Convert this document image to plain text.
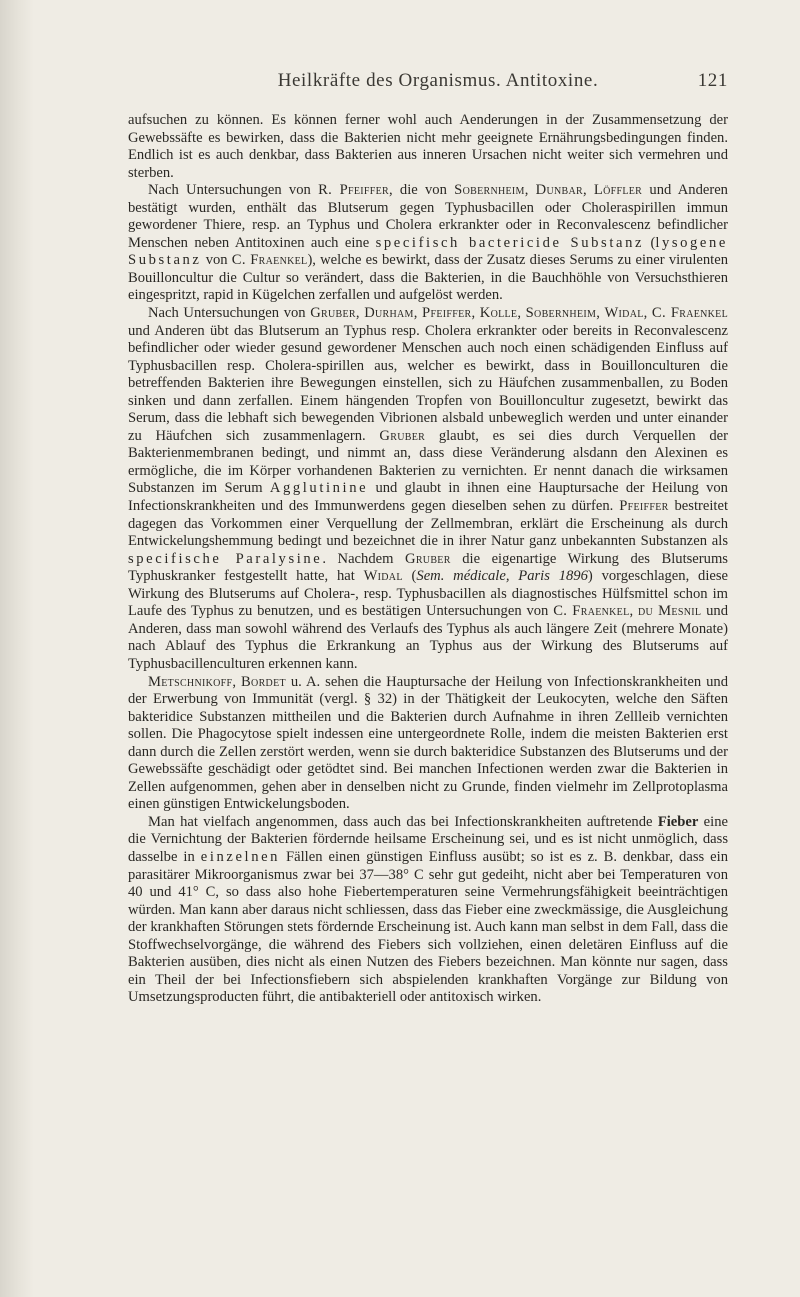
Heilkräfte des Organismus. Antitoxine.	121

aufsuchen zu können. Es können ferner wohl auch Aenderungen in der Zusammensetzung der Gewebssäfte es bewirken, dass die Bakterien nicht mehr geeignete Ernährungsbedingungen finden. Endlich ist es auch denkbar, dass Bakterien aus inneren Ursachen nicht weiter sich vermehren und sterben.

Nach Untersuchungen von R. Pfeiffer, die von Sobernheim, Dunbar, Löffler und Anderen bestätigt wurden, enthält das Blutserum gegen Typhusbacillen oder Choleraspirillen immun gewordener Thiere, resp. an Typhus und Cholera erkrankter oder in Reconvalescenz befindlicher Menschen neben Antitoxinen auch eine specifisch bactericide Substanz (lysogene Substanz von C. Fraenkel), welche es bewirkt, dass der Zusatz dieses Serums zu einer virulenten Bouilloncultur die Cultur so verändert, dass die Bakterien, in die Bauchhöhle von Versuchsthieren eingespritzt, rapid in Kügelchen zerfallen und aufgelöst werden.

Nach Untersuchungen von Gruber, Durham, Pfeiffer, Kolle, Sobernheim, Widal, C. Fraenkel und Anderen übt das Blutserum an Typhus resp. Cholera erkrankter oder bereits in Reconvalescenz befindlicher oder wieder gesund gewordener Menschen auch noch einen schädigenden Einfluss auf Typhusbacillen resp. Cholera-spirillen aus, welcher es bewirkt, dass in Bouillonculturen die betreffenden Bakterien ihre Bewegungen einstellen, sich zu Häufchen zusammenballen, zu Boden sinken und dann zerfallen. Einem hängenden Tropfen von Bouilloncultur zugesetzt, bewirkt das Serum, dass die lebhaft sich bewegenden Vibrionen alsbald unbeweglich werden und unter einander zu Häufchen sich zusammenlagern. Gruber glaubt, es sei dies durch Verquellen der Bakterienmembranen bedingt, und nimmt an, dass diese Veränderung alsdann den Alexinen es ermögliche, die im Körper vorhandenen Bakterien zu vernichten. Er nennt danach die wirksamen Substanzen im Serum Agglutinine und glaubt in ihnen eine Hauptursache der Heilung von Infectionskrankheiten und des Immunwerdens gegen dieselben sehen zu dürfen. Pfeiffer bestreitet dagegen das Vorkommen einer Verquellung der Zellmembran, erklärt die Erscheinung als durch Entwickelungshemmung bedingt und bezeichnet die in ihrer Natur ganz unbekannten Substanzen als specifische Paralysine. Nachdem Gruber die eigenartige Wirkung des Blutserums Typhuskranker festgestellt hatte, hat Widal (Sem. médicale, Paris 1896) vorgeschlagen, diese Wirkung des Blutserums auf Cholera-, resp. Typhusbacillen als diagnostisches Hülfsmittel schon im Laufe des Typhus zu benutzen, und es bestätigen Untersuchungen von C. Fraenkel, du Mesnil und Anderen, dass man sowohl während des Verlaufs des Typhus als auch längere Zeit (mehrere Monate) nach Ablauf des Typhus die Erkrankung an Typhus aus der Wirkung des Blutserums auf Typhusbacillenculturen erkennen kann.

Metschnikoff, Bordet u. A. sehen die Hauptursache der Heilung von Infectionskrankheiten und der Erwerbung von Immunität (vergl. § 32) in der Thätigkeit der Leukocyten, welche den Säften bakteridice Substanzen mittheilen und die Bakterien durch Aufnahme in ihren Zellleib vernichten sollen. Die Phagocytose spielt indessen eine untergeordnete Rolle, indem die meisten Bakterien erst dann durch die Zellen zerstört werden, wenn sie durch bakteridice Substanzen des Blutserums und der Gewebssäfte geschädigt oder getödtet sind. Bei manchen Infectionen werden zwar die Bakterien in Zellen aufgenommen, gehen aber in denselben nicht zu Grunde, finden vielmehr im Zellprotoplasma einen günstigen Entwickelungsboden.

Man hat vielfach angenommen, dass auch das bei Infectionskrankheiten auftretende Fieber eine die Vernichtung der Bakterien fördernde heilsame Erscheinung sei, und es ist nicht unmöglich, dass dasselbe in einzelnen Fällen einen günstigen Einfluss ausübt; so ist es z. B. denkbar, dass ein parasitärer Mikroorganismus zwar bei 37—38° C sehr gut gedeiht, nicht aber bei Temperaturen von 40 und 41° C, so dass also hohe Fiebertemperaturen seine Vermehrungsfähigkeit beeinträchtigen würden. Man kann aber daraus nicht schliessen, dass das Fieber eine zweckmässige, die Ausgleichung der krankhaften Störungen stets fördernde Erscheinung ist. Auch kann man selbst in dem Fall, dass die Stoffwechselvorgänge, die während des Fiebers sich vollziehen, einen deletären Einfluss auf die Bakterien ausüben, dies nicht als einen Nutzen des Fiebers bezeichnen. Man könnte nur sagen, dass ein Theil der bei Infectionsfiebern sich abspielenden krankhaften Vorgänge zur Bildung von Umsetzungsproducten führt, die antibakteriell oder antitoxisch wirken.
